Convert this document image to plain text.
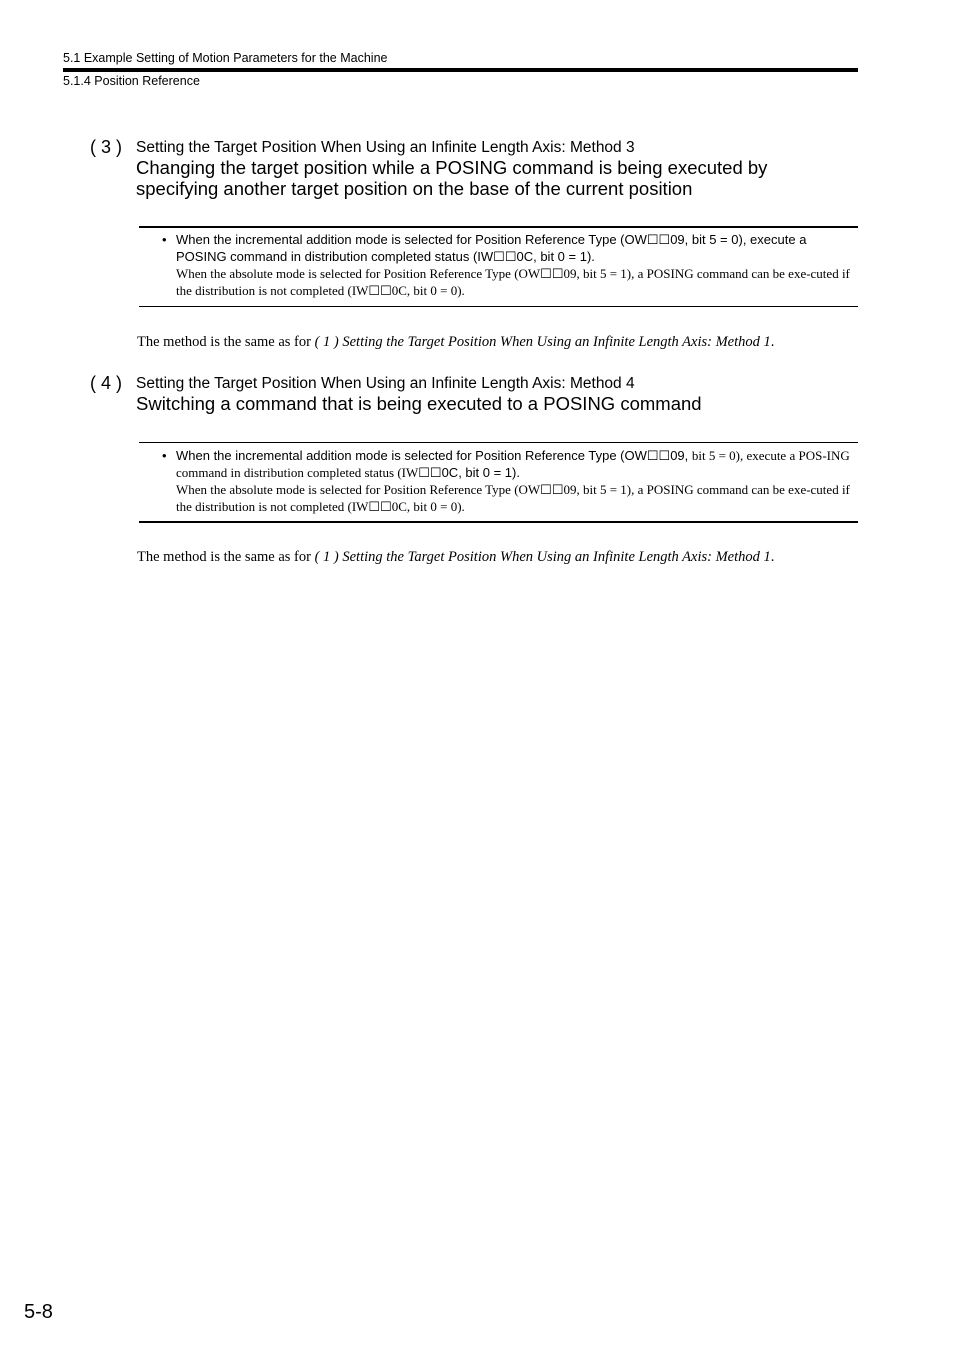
5.1 Example Setting of Motion Parameters for the Machine
5.1.4 Position Reference
( 3 ) Setting the Target Position When Using an Infinite Length Axis: Method 3
Changing the target position while a POSING command is being executed by specifying another target position on the base of the current position
• When the incremental addition mode is selected for Position Reference Type (OW☐☐09, bit 5 = 0), execute a POSING command in distribution completed status (IW☐☐0C, bit 0 = 1).
When the absolute mode is selected for Position Reference Type (OW☐☐09, bit 5 = 1), a POSING command can be exe-cuted if the distribution is not completed (IW☐☐0C, bit 0 = 0).
The method is the same as for ( 1 ) Setting the Target Position When Using an Infinite Length Axis: Method 1.
( 4 ) Setting the Target Position When Using an Infinite Length Axis: Method 4
Switching a command that is being executed to a POSING command
• When the incremental addition mode is selected for Position Reference Type (OW☐☐09, bit 5 = 0), execute a POS-ING command in distribution completed status (IW☐☐0C, bit 0 = 1).
When the absolute mode is selected for Position Reference Type (OW☐☐09, bit 5 = 1), a POSING command can be exe-cuted if the distribution is not completed (IW☐☐0C, bit 0 = 0).
The method is the same as for ( 1 ) Setting the Target Position When Using an Infinite Length Axis: Method 1.
5-8
